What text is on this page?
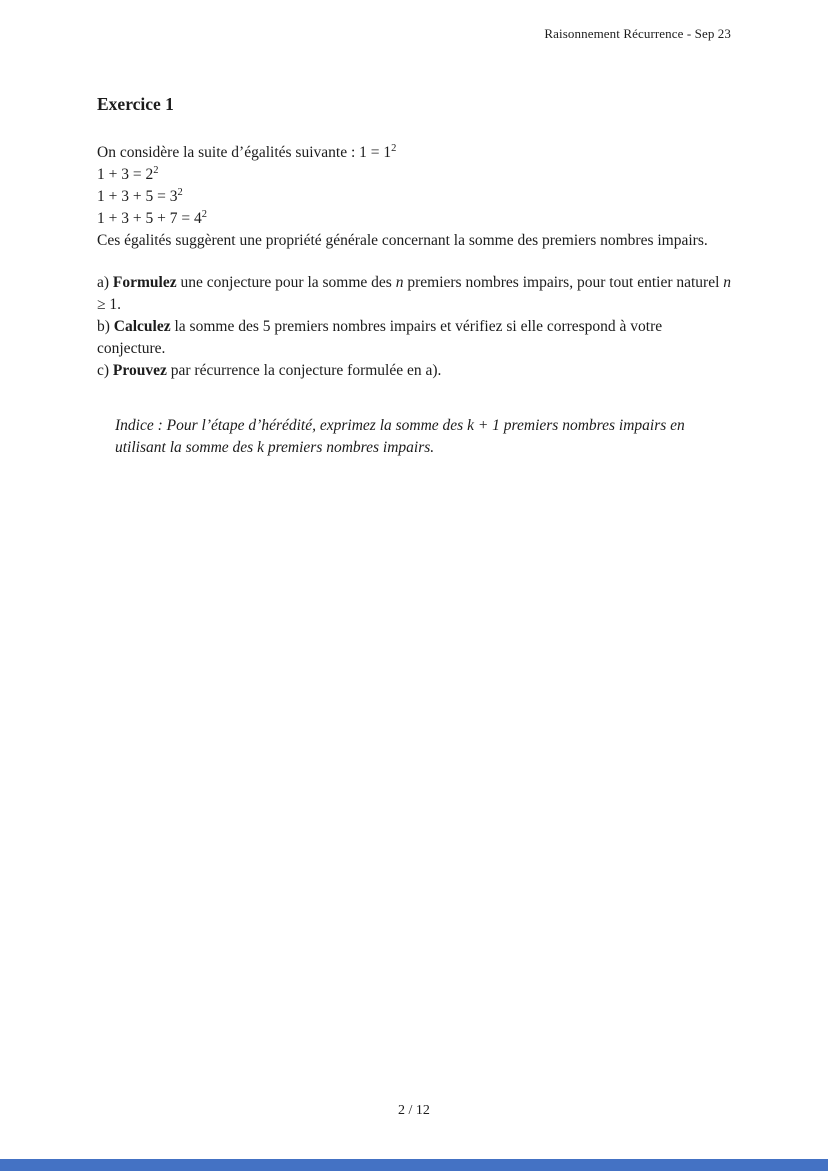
Raisonnement Récurrence - Sep 23
Exercice 1
On considère la suite d’égalités suivante : $1 = 1^2$
$1 + 3 = 2^2$
$1 + 3 + 5 = 3^2$
$1 + 3 + 5 + 7 = 4^2$
Ces égalités suggèrent une propriété générale concernant la somme des premiers nombres impairs.
a) Formulez une conjecture pour la somme des n premiers nombres impairs, pour tout entier naturel n ≥ 1.
b) Calculez la somme des 5 premiers nombres impairs et vérifiez si elle correspond à votre conjecture.
c) Prouvez par récurrence la conjecture formulée en a).
Indice : Pour l’étape d’hérédité, exprimez la somme des k + 1 premiers nombres impairs en utilisant la somme des k premiers nombres impairs.
2 / 12
